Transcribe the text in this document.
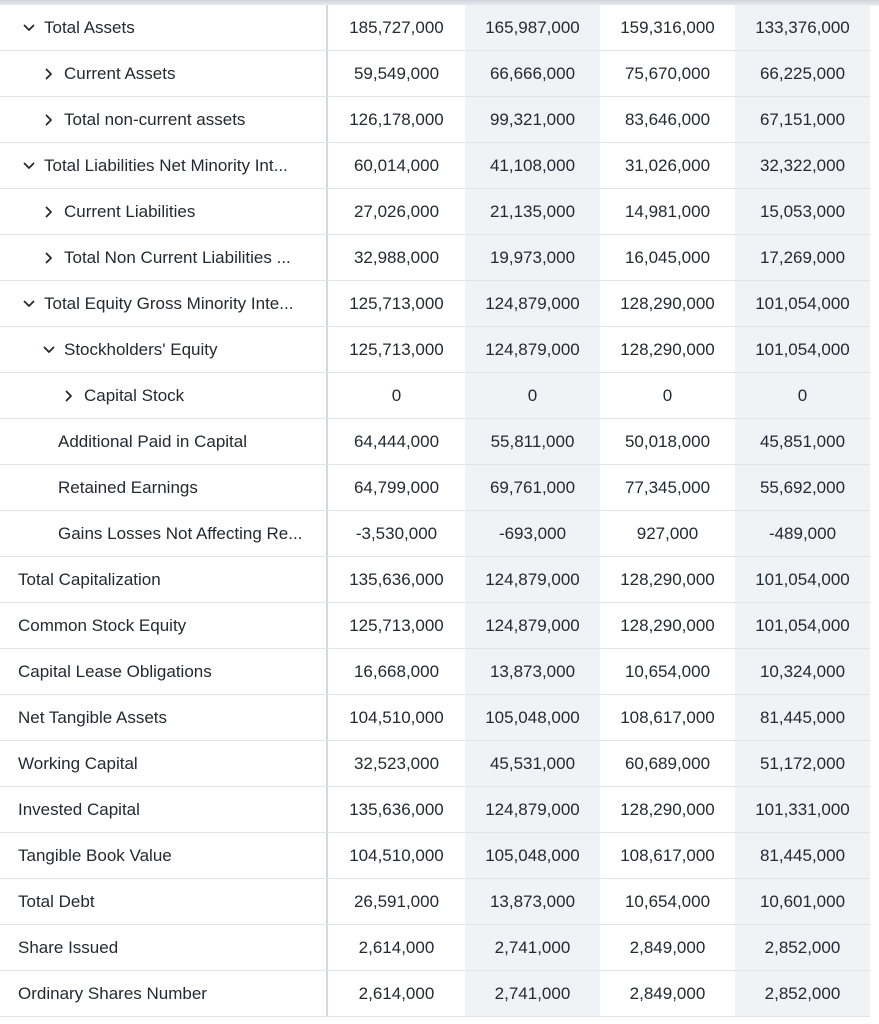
Total Assets	185,727,000	165,987,000	159,316,000	133,376,000
Current Assets	59,549,000	66,666,000	75,670,000	66,225,000
Total non-current assets	126,178,000	99,321,000	83,646,000	67,151,000
Total Liabilities Net Minority Int...	60,014,000	41,108,000	31,026,000	32,322,000
Current Liabilities	27,026,000	21,135,000	14,981,000	15,053,000
Total Non Current Liabilities ...	32,988,000	19,973,000	16,045,000	17,269,000
Total Equity Gross Minority Inte...	125,713,000	124,879,000	128,290,000	101,054,000
Stockholders' Equity	125,713,000	124,879,000	128,290,000	101,054,000
Capital Stock	0	0	0	0
Additional Paid in Capital	64,444,000	55,811,000	50,018,000	45,851,000
Retained Earnings	64,799,000	69,761,000	77,345,000	55,692,000
Gains Losses Not Affecting Re...	-3,530,000	-693,000	927,000	-489,000
Total Capitalization	135,636,000	124,879,000	128,290,000	101,054,000
Common Stock Equity	125,713,000	124,879,000	128,290,000	101,054,000
Capital Lease Obligations	16,668,000	13,873,000	10,654,000	10,324,000
Net Tangible Assets	104,510,000	105,048,000	108,617,000	81,445,000
Working Capital	32,523,000	45,531,000	60,689,000	51,172,000
Invested Capital	135,636,000	124,879,000	128,290,000	101,331,000
Tangible Book Value	104,510,000	105,048,000	108,617,000	81,445,000
Total Debt	26,591,000	13,873,000	10,654,000	10,601,000
Share Issued	2,614,000	2,741,000	2,849,000	2,852,000
Ordinary Shares Number	2,614,000	2,741,000	2,849,000	2,852,000
